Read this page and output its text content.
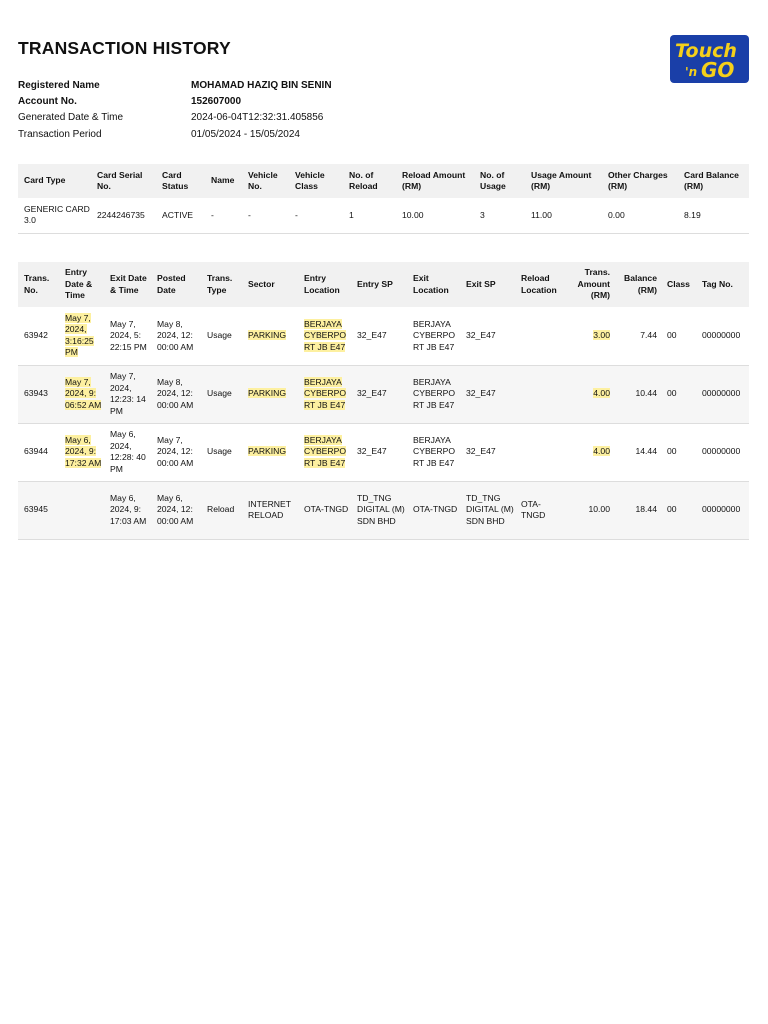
TRANSACTION HISTORY	Touch
'n GO
Registered Name	MOHAMAD HAZIQ BIN SENIN
Account No.	152607000
Generated Date & Time	2024-06-04T12:32:31.405856
Transaction Period	01/05/2024 - 15/05/2024
Card Type	Card Serial No.	Card Status	Name	Vehicle No.	Vehicle Class	No. of Reload	Reload Amount (RM)	No. of Usage	Usage Amount (RM)	Other Charges (RM)	Card Balance (RM)
GENERIC CARD 3.0	2244246735	ACTIVE	-	-	-	1	10.00	3	11.00	0.00	8.19
Trans. No.	Entry Date & Time	Exit Date & Time	Posted Date	Trans. Type	Sector	Entry Location	Entry SP	Exit Location	Exit SP	Reload Location	Trans. Amount (RM)	Balance (RM)	Class	Tag No.
63942	May 7, 2024, 3:16:25 PM	May 7, 2024, 5: 22:15 PM	May 8, 2024, 12: 00:00 AM	Usage	PARKING	BERJAYA CYBERPO RT JB E47	32_E47	BERJAYA CYBERPO RT JB E47	32_E47		3.00	7.44	00	00000000
63943	May 7, 2024, 9: 06:52 AM	May 7, 2024, 12:23: 14 PM	May 8, 2024, 12: 00:00 AM	Usage	PARKING	BERJAYA CYBERPO RT JB E47	32_E47	BERJAYA CYBERPO RT JB E47	32_E47		4.00	10.44	00	00000000
63944	May 6, 2024, 9: 17:32 AM	May 6, 2024, 12:28: 40 PM	May 7, 2024, 12: 00:00 AM	Usage	PARKING	BERJAYA CYBERPO RT JB E47	32_E47	BERJAYA CYBERPO RT JB E47	32_E47		4.00	14.44	00	00000000
63945		May 6, 2024, 9: 17:03 AM	May 6, 2024, 12: 00:00 AM	Reload	INTERNET RELOAD	OTA-TNGD	TD_TNG DIGITAL (M) SDN BHD	OTA-TNGD	TD_TNG DIGITAL (M) SDN BHD	OTA-TNGD	10.00	18.44	00	00000000
